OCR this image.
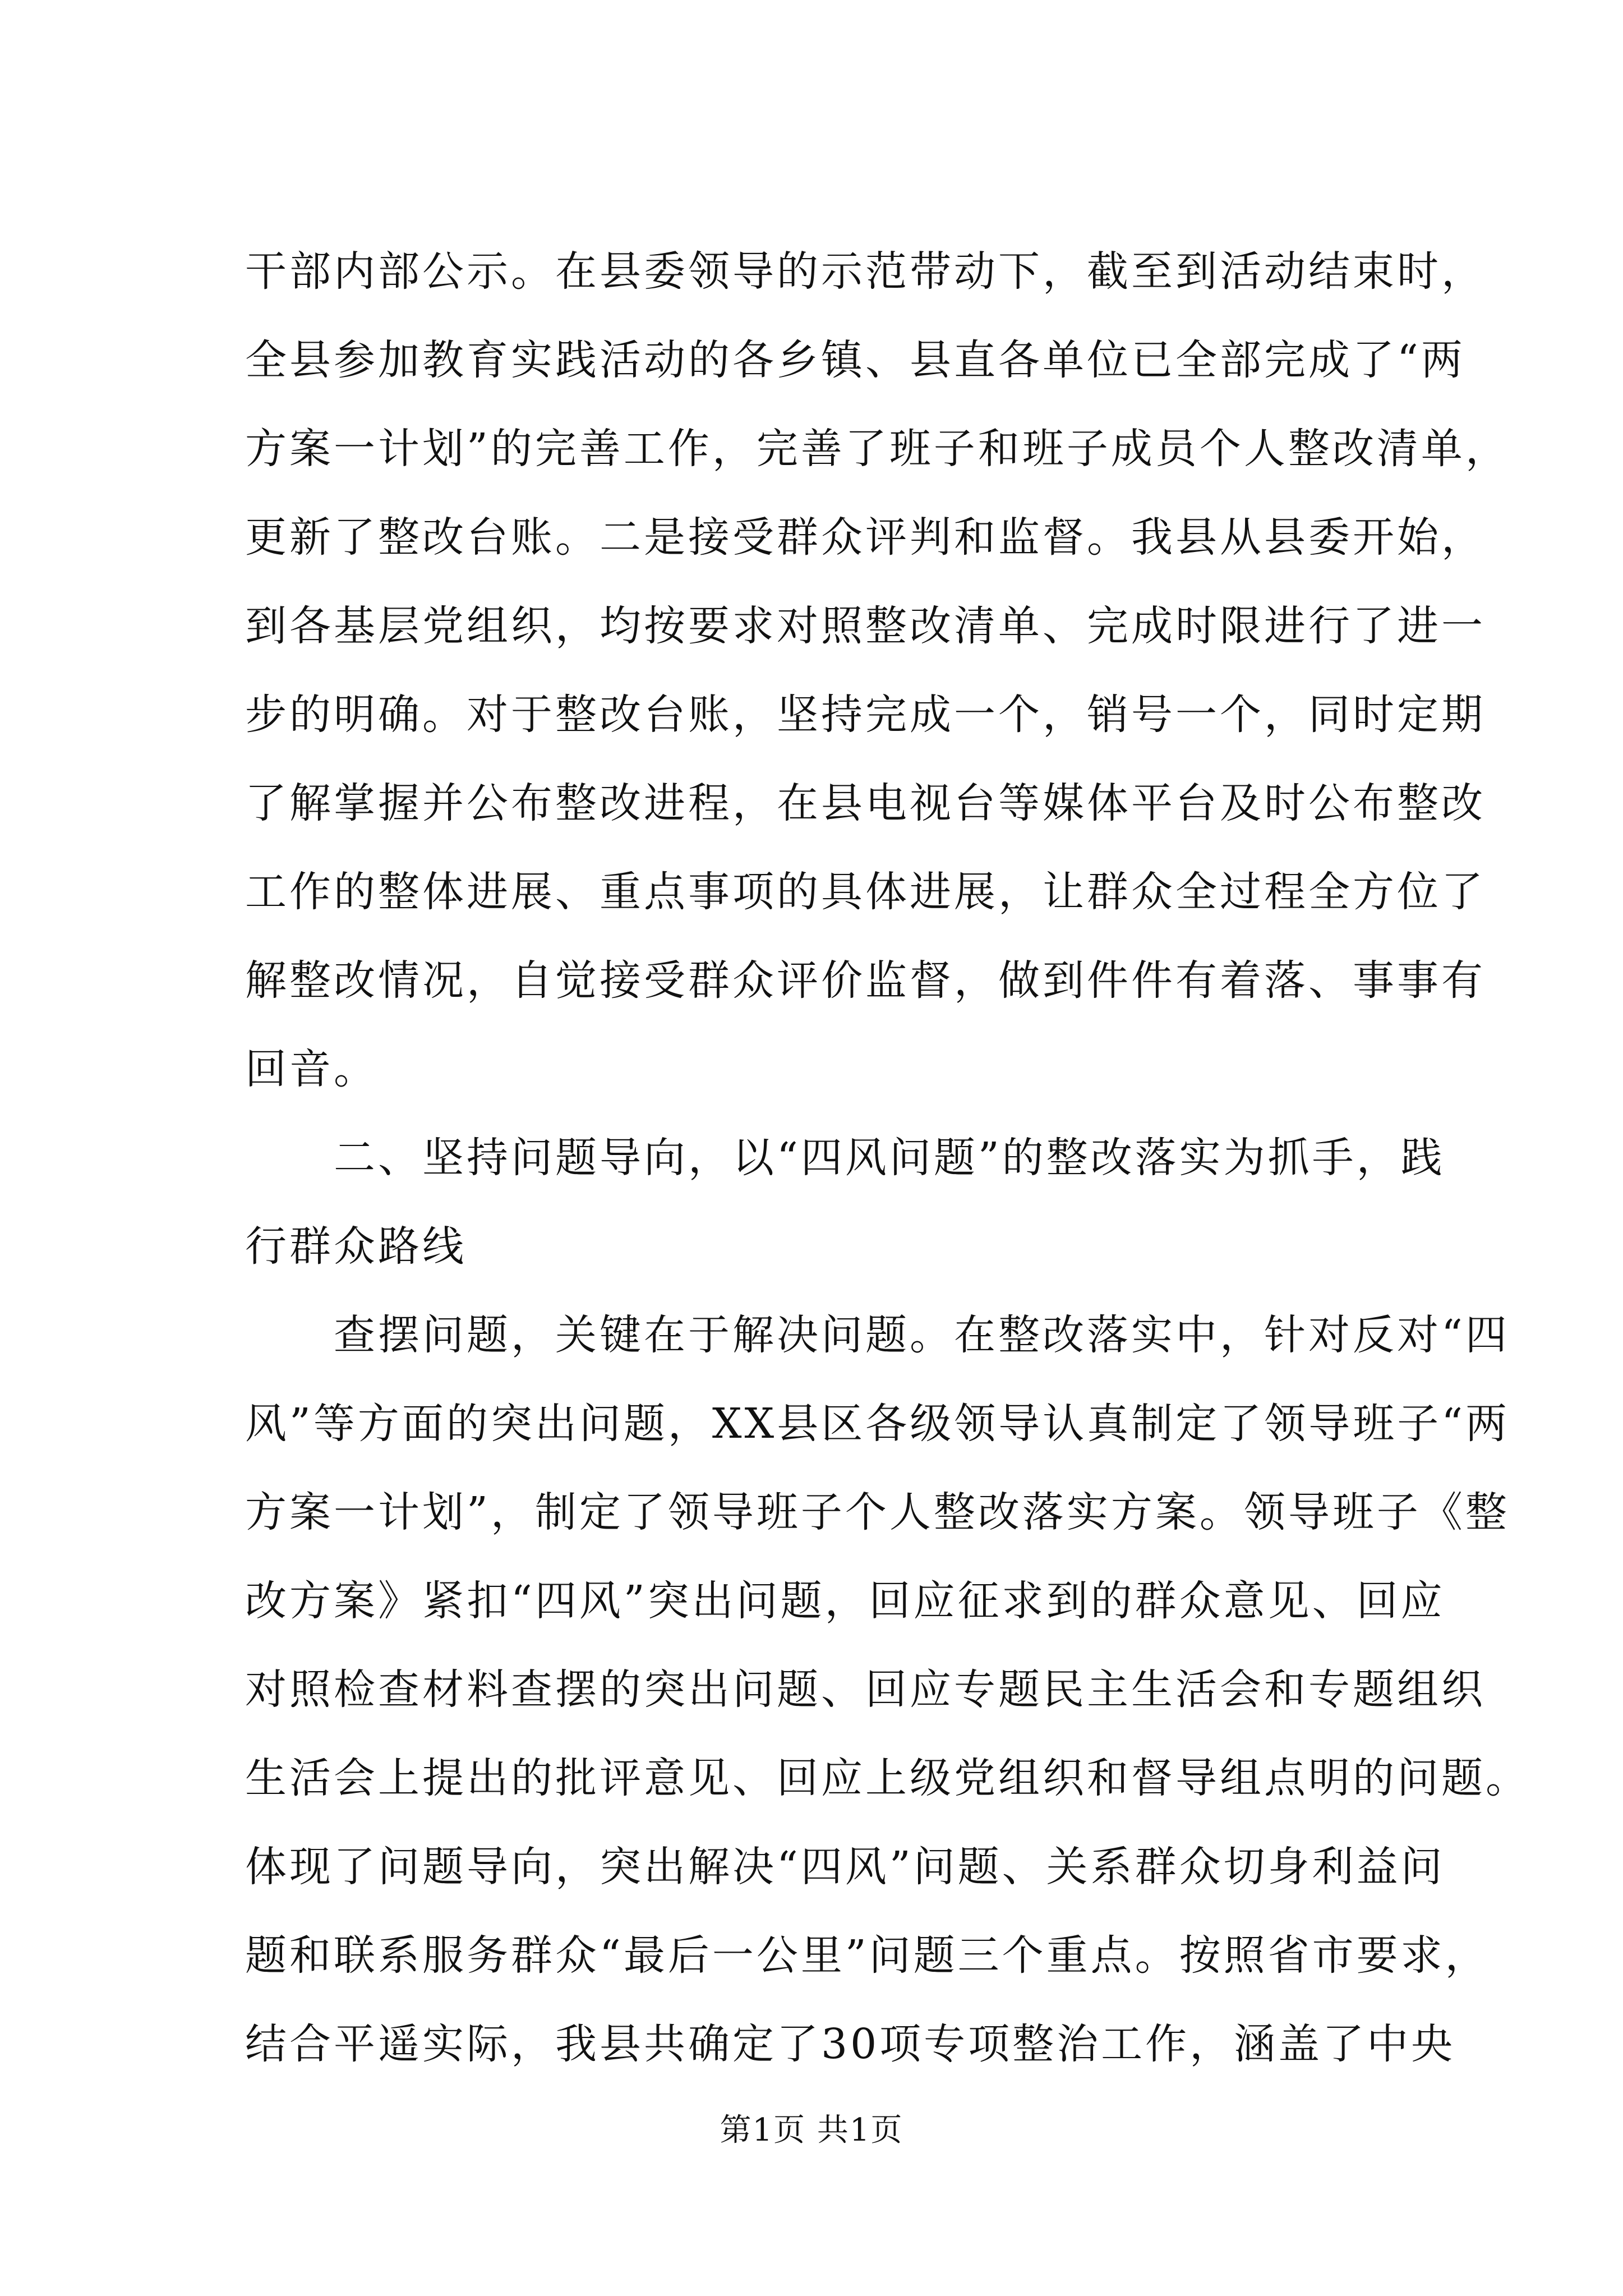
干部内部公示。在县委领导的示范带动下，截至到活动结束时，
全县参加教育实践活动的各乡镇、县直各单位已全部完成了“两
方案一计划”的完善工作，完善了班子和班子成员个人整改清单，
更新了整改台账。二是接受群众评判和监督。我县从县委开始，
到各基层党组织，均按要求对照整改清单、完成时限进行了进一
步的明确。对于整改台账，坚持完成一个，销号一个，同时定期
了解掌握并公布整改进程，在县电视台等媒体平台及时公布整改
工作的整体进展、重点事项的具体进展，让群众全过程全方位了
解整改情况，自觉接受群众评价监督，做到件件有着落、事事有
回音。
　　二、坚持问题导向，以“四风问题”的整改落实为抓手，践
行群众路线
　　查摆问题，关键在于解决问题。在整改落实中，针对反对“四
风”等方面的突出问题，XX县区各级领导认真制定了领导班子“两
方案一计划”，制定了领导班子个人整改落实方案。领导班子《整
改方案》紧扣“四风”突出问题，回应征求到的群众意见、回应
对照检查材料查摆的突出问题、回应专题民主生活会和专题组织
生活会上提出的批评意见、回应上级党组织和督导组点明的问题。
体现了问题导向，突出解决“四风”问题、关系群众切身利益问
题和联系服务群众“最后一公里”问题三个重点。按照省市要求，
结合平遥实际，我县共确定了30项专项整治工作，涵盖了中央
第1页 共1页
